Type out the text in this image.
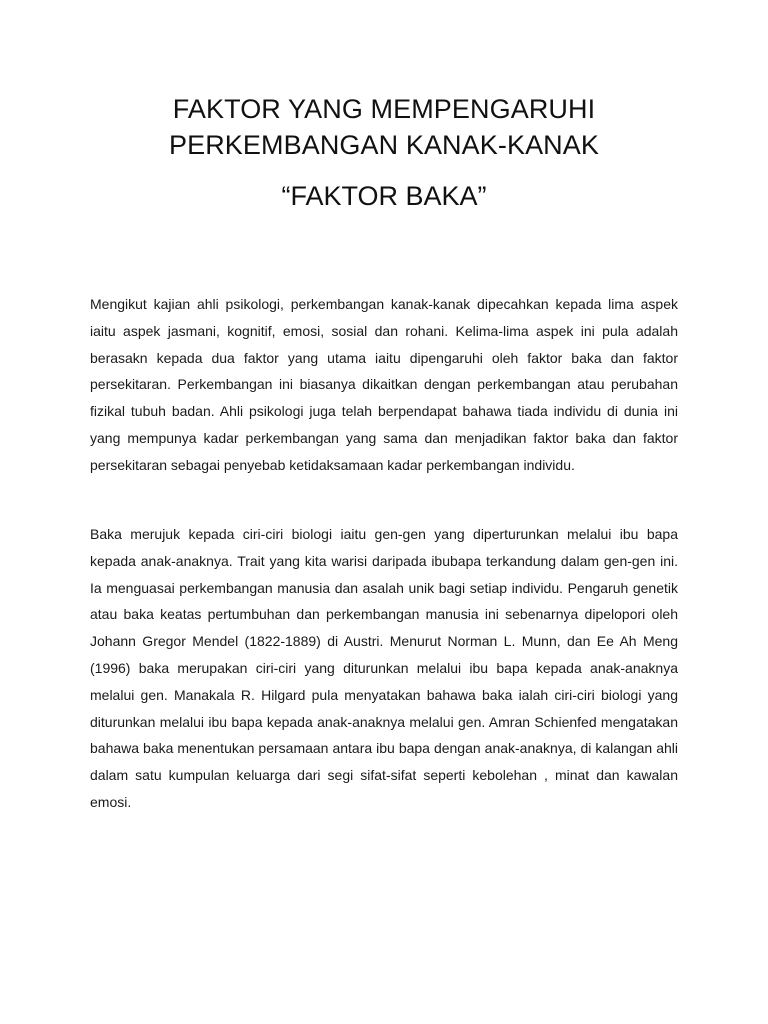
FAKTOR YANG MEMPENGARUHI
PERKEMBANGAN KANAK-KANAK
“FAKTOR BAKA”

Mengikut kajian ahli psikologi, perkembangan kanak-kanak dipecahkan kepada lima aspek iaitu aspek jasmani, kognitif, emosi, sosial dan rohani. Kelima-lima aspek ini pula adalah berasakn kepada dua faktor yang utama iaitu dipengaruhi oleh faktor baka dan faktor persekitaran. Perkembangan ini biasanya dikaitkan dengan perkembangan atau perubahan fizikal tubuh badan. Ahli psikologi juga telah berpendapat bahawa tiada individu di dunia ini yang mempunya kadar perkembangan yang sama dan menjadikan faktor baka dan faktor persekitaran sebagai penyebab ketidaksamaan kadar perkembangan individu.

Baka merujuk kepada ciri-ciri biologi iaitu gen-gen yang diperturunkan melalui ibu bapa kepada anak-anaknya. Trait yang kita warisi daripada ibubapa terkandung dalam gen-gen ini. Ia menguasai perkembangan manusia dan asalah unik bagi setiap individu. Pengaruh genetik atau baka keatas pertumbuhan dan perkembangan manusia ini sebenarnya dipelopori oleh Johann Gregor Mendel (1822-1889) di Austri. Menurut Norman L. Munn, dan Ee Ah Meng (1996) baka merupakan ciri-ciri yang diturunkan melalui ibu bapa kepada anak-anaknya melalui gen. Manakala R. Hilgard pula menyatakan bahawa baka ialah ciri-ciri biologi yang diturunkan melalui ibu bapa kepada anak-anaknya melalui gen. Amran Schienfed mengatakan bahawa baka menentukan persamaan antara ibu bapa dengan anak-anaknya, di kalangan ahli dalam satu kumpulan keluarga dari segi sifat-sifat seperti kebolehan , minat dan kawalan emosi.
